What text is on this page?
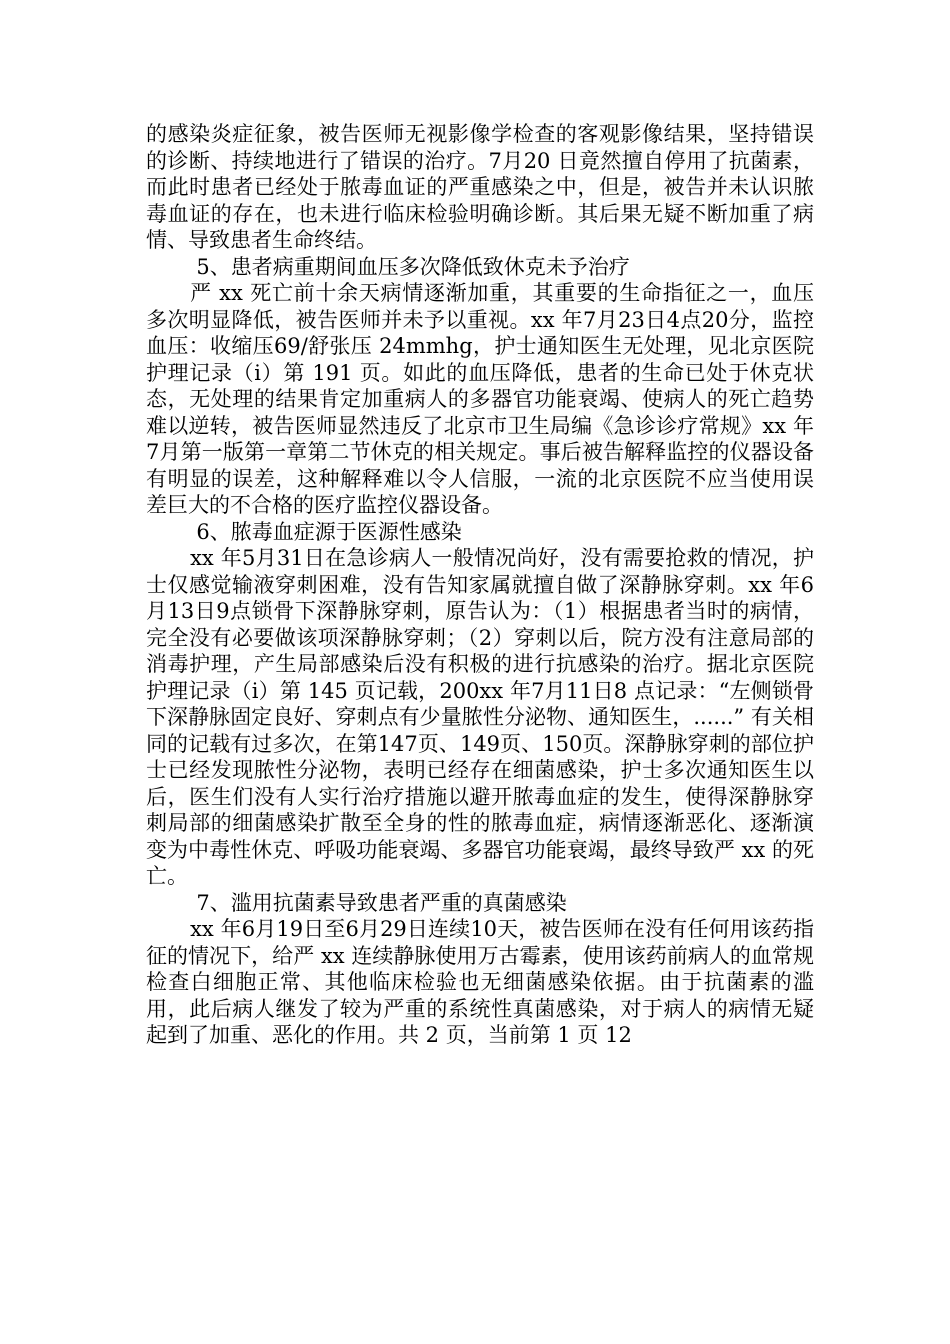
的感染炎症征象，被告医师无视影像学检查的客观影像结果，坚持错误的诊断、持续地进行了错误的治疗。7月20 日竟然擅自停用了抗菌素，而此时患者已经处于脓毒血证的严重感染之中，但是，被告并未认识脓毒血证的存在，也未进行临床检验明确诊断。其后果无疑不断加重了病情、导致患者生命终结。

5、患者病重期间血压多次降低致休克未予治疗

严 xx 死亡前十余天病情逐渐加重，其重要的生命指征之一，血压多次明显降低，被告医师并未予以重视。xx 年7月23日4点20分，监控血压：收缩压69/舒张压 24mmhg，护士通知医生无处理，见北京医院护理记录（ⅰ）第 191 页。如此的血压降低，患者的生命已处于休克状态，无处理的结果肯定加重病人的多器官功能衰竭、使病人的死亡趋势难以逆转，被告医师显然违反了北京市卫生局编《急诊诊疗常规》xx 年7月第一版第一章第二节休克的相关规定。事后被告解释监控的仪器设备有明显的误差，这种解释难以令人信服，一流的北京医院不应当使用误差巨大的不合格的医疗监控仪器设备。

6、脓毒血症源于医源性感染

xx 年5月31日在急诊病人一般情况尚好，没有需要抢救的情况，护士仅感觉输液穿刺困难，没有告知家属就擅自做了深静脉穿刺。xx 年6月13日9点锁骨下深静脉穿刺，原告认为：（1）根据患者当时的病情，完全没有必要做该项深静脉穿刺；（2）穿刺以后，院方没有注意局部的消毒护理，产生局部感染后没有积极的进行抗感染的治疗。据北京医院护理记录（ⅰ）第 145 页记载，200xx 年7月11日8 点记录：“左侧锁骨下深静脉固定良好、穿刺点有少量脓性分泌物、通知医生，......” 有关相同的记载有过多次，在第147页、149页、150页。深静脉穿刺的部位护士已经发现脓性分泌物，表明已经存在细菌感染，护士多次通知医生以后，医生们没有人实行治疗措施以避开脓毒血症的发生，使得深静脉穿刺局部的细菌感染扩散至全身的性的脓毒血症，病情逐渐恶化、逐渐演变为中毒性休克、呼吸功能衰竭、多器官功能衰竭，最终导致严 xx 的死亡。

7、滥用抗菌素导致患者严重的真菌感染

xx 年6月19日至6月29日连续10天，被告医师在没有任何用该药指征的情况下，给严 xx 连续静脉使用万古霉素，使用该药前病人的血常规检查白细胞正常、其他临床检验也无细菌感染依据。由于抗菌素的滥用，此后病人继发了较为严重的系统性真菌感染，对于病人的病情无疑起到了加重、恶化的作用。共 2 页，当前第 1 页 12
